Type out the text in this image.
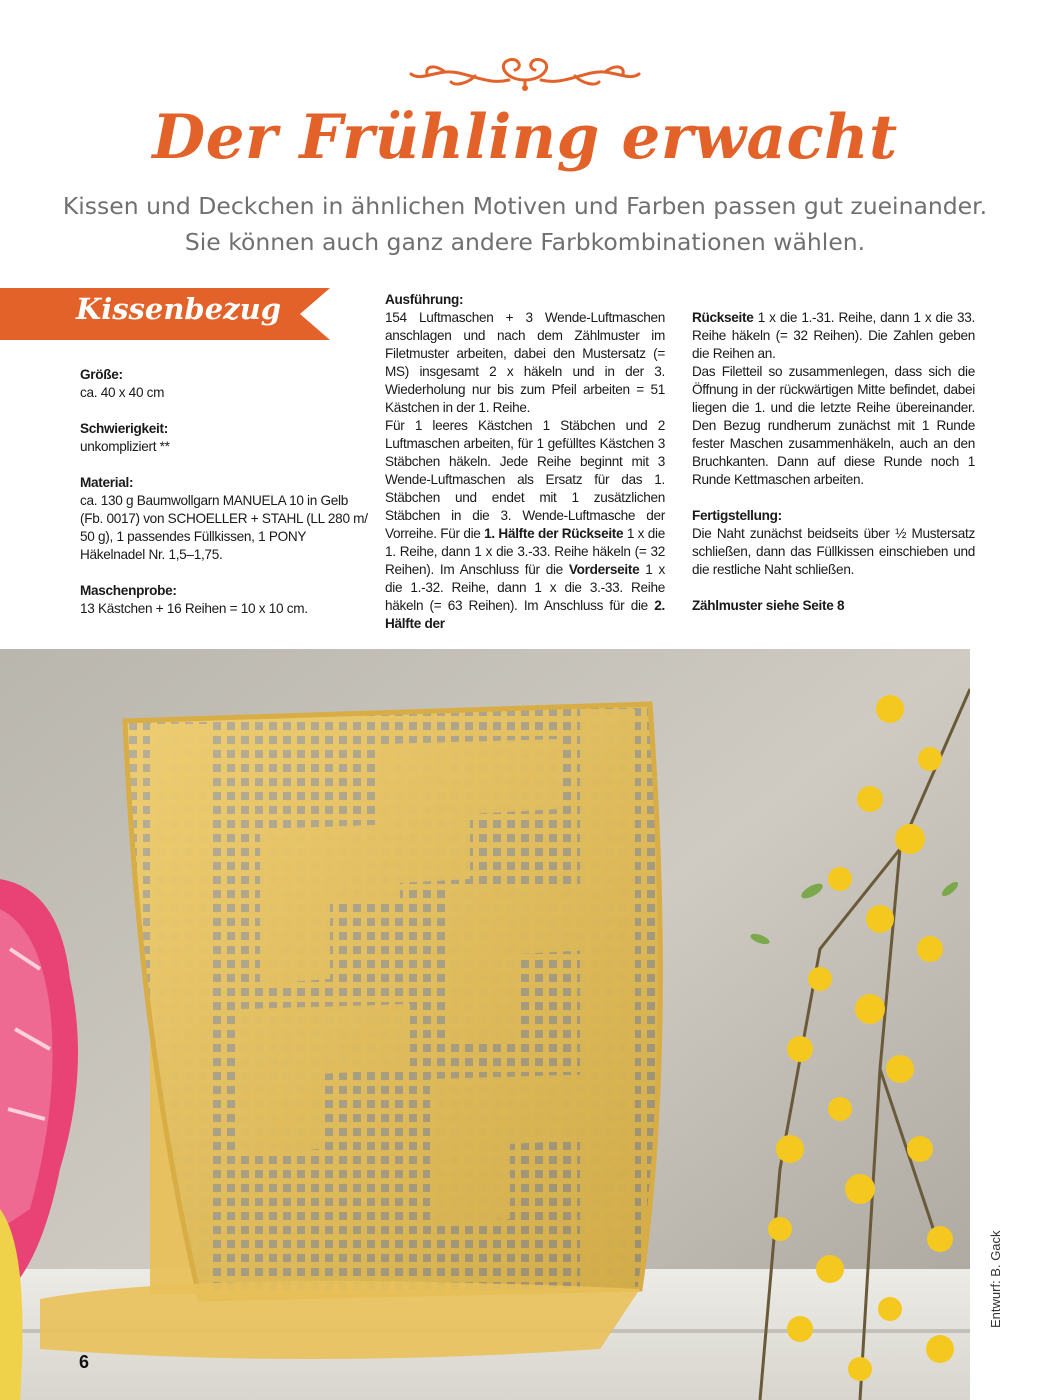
Der Frühling erwacht
Kissen und Deckchen in ähnlichen Motiven und Farben passen gut zueinander. Sie können auch ganz andere Farbkombinationen wählen.
Kissenbezug
Größe:
ca. 40 x 40 cm
Schwierigkeit:
unkompliziert **
Material:
ca. 130 g Baumwollgarn MANUELA 10 in Gelb (Fb. 0017) von SCHOELLER + STAHL (LL 280 m/ 50 g), 1 passendes Füllkissen, 1 PONY Häkelnadel Nr. 1,5–1,75.
Maschenprobe:
13 Kästchen + 16 Reihen = 10 x 10 cm.
Ausführung:

154 Luftmaschen + 3 Wende-Luftmaschen anschlagen und nach dem Zählmuster im Filetmuster arbeiten, dabei den Mustersatz (= MS) insgesamt 2 x häkeln und in der 3. Wiederholung nur bis zum Pfeil arbeiten = 51 Kästchen in der 1. Reihe.

Für 1 leeres Kästchen 1 Stäbchen und 2 Luftmaschen arbeiten, für 1 gefülltes Kästchen 3 Stäbchen häkeln. Jede Reihe beginnt mit 3 Wende-Luftmaschen als Ersatz für das 1. Stäbchen und endet mit 1 zusätzlichen Stäbchen in die 3. Wende-Luftmasche der Vorreihe. Für die 1. Hälfte der Rückseite 1 x die 1. Reihe, dann 1 x die 3.-33. Reihe häkeln (= 32 Reihen). Im Anschluss für die Vorderseite 1 x die 1.-32. Reihe, dann 1 x die 3.-33. Reihe häkeln (= 63 Reihen). Im Anschluss für die 2. Hälfte der

Rückseite 1 x die 1.-31. Reihe, dann 1 x die 33. Reihe häkeln (= 32 Reihen). Die Zahlen geben die Reihen an.

Das Filetteil so zusammenlegen, dass sich die Öffnung in der rückwärtigen Mitte befindet, dabei liegen die 1. und die letzte Reihe übereinander. Den Bezug rundherum zunächst mit 1 Runde fester Maschen zusammenhäkeln, auch an den Bruchkanten. Dann auf diese Runde noch 1 Runde Kettmaschen arbeiten.

Fertigstellung:

Die Naht zunächst beidseits über ½ Mustersatz schließen, dann das Füllkissen einschieben und die restliche Naht schließen.

Zählmuster siehe Seite 8
Entwurf: B. Gack
6
